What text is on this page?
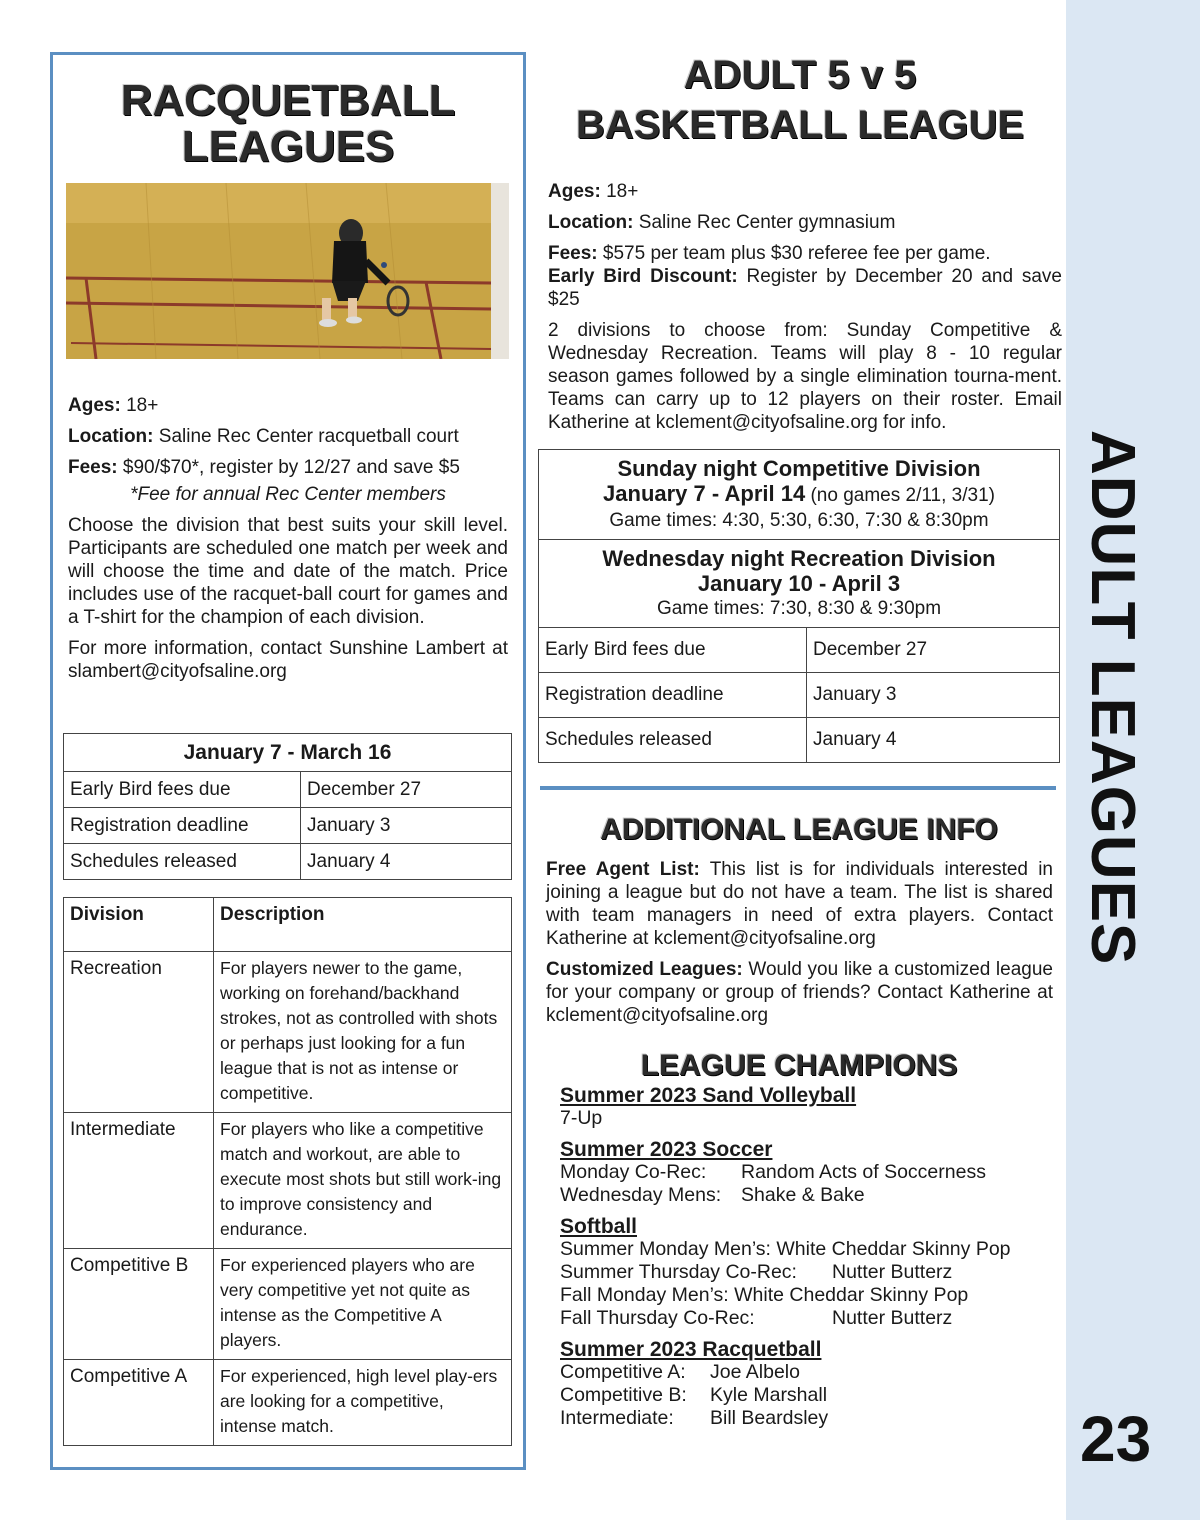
ADULT LEAGUES
23
RACQUETBALL LEAGUES

Ages: 18+

Location: Saline Rec Center racquetball court

Fees: $90/$70*, register by 12/27 and save $5

*Fee for annual Rec Center members

Choose the division that best suits your skill level. Participants are scheduled one match per week and will choose the time and date of the match. Price includes use of the racquet-ball court for games and a T-shirt for the champion of each division.

For more information, contact Sunshine Lambert at slambert@cityofsaline.org

January 7 - March 16	
Early Bird fees due	December 27
Registration deadline	January 3
Schedules released	January 4
Division	Description
Recreation	For players newer to the game, working on forehand/backhand strokes, not as controlled with shots or perhaps just looking for a fun league that is not as intense or competitive.
Intermediate	For players who like a competitive match and workout, are able to execute most shots but still work-ing to improve consistency and endurance.
Competitive B	For experienced players who are very competitive yet not quite as intense as the Competitive A players.
Competitive A	For experienced, high level play-ers are looking for a competitive, intense match.
ADULT 5 v 5
BASKETBALL LEAGUE

Ages: 18+

Location: Saline Rec Center gymnasium

Fees: $575 per team plus $30 referee fee per game.

Early Bird Discount: Register by December 20 and save $25

2 divisions to choose from: Sunday Competitive & Wednesday Recreation. Teams will play 8 - 10 regular season games followed by a single elimination tourna-ment. Teams can carry up to 12 players on their roster. Email Katherine at kclement@cityofsaline.org for info.

Sunday night Competitive Division
January 7 - April 14 (no games 2/11, 3/31)
Game times: 4:30, 5:30, 6:30, 7:30 & 8:30pm	

Wednesday night Recreation Division
January 10 - April 3
Game times: 7:30, 8:30 & 9:30pm	

Early Bird fees due	December 27
Registration deadline	January 3
Schedules released	January 4
ADDITIONAL LEAGUE INFO

Free Agent List: This list is for individuals interested in joining a league but do not have a team. The list is shared with team managers in need of extra players. Contact Katherine at kclement@cityofsaline.org

Customized Leagues: Would you like a customized league for your company or group of friends? Contact Katherine at kclement@cityofsaline.org

LEAGUE CHAMPIONS
Summer 2023 Sand Volleyball
7-Up
Summer 2023 Soccer
Monday Co-Rec:	Random Acts of Soccerness
Wednesday Mens:	Shake & Bake
Softball
Summer Monday Men’s: White Cheddar Skinny Pop
Summer Thursday Co-Rec:	Nutter Butterz
Fall Monday Men’s: White Cheddar Skinny Pop
Fall Thursday Co-Rec:	Nutter Butterz
Summer 2023 Racquetball
Competitive A:	Joe Albelo
Competitive B:	Kyle Marshall
Intermediate:	Bill Beardsley
